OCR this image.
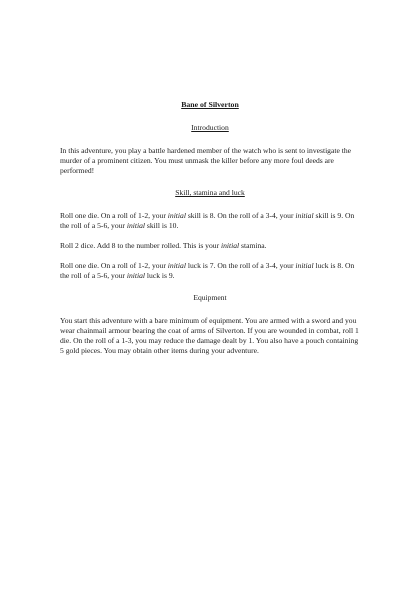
Bane of Silverton
Introduction
In this adventure, you play a battle hardened member of the watch who is sent to investigate the murder of a prominent citizen. You must unmask the killer before any more foul deeds are performed!
Skill, stamina and luck
Roll one die. On a roll of 1-2, your initial skill is 8. On the roll of a 3-4, your initial skill is 9. On the roll of a 5-6, your initial skill is 10.
Roll 2 dice. Add 8 to the number rolled. This is your initial stamina.
Roll one die. On a roll of 1-2, your initial luck is 7. On the roll of a 3-4, your initial luck is 8. On the roll of a 5-6, your initial luck is 9.
Equipment
You start this adventure with a bare minimum of equipment. You are armed with a sword and you wear chainmail armour bearing the coat of arms of Silverton. If you are wounded in combat, roll 1 die. On the roll of a 1-3, you may reduce the damage dealt by 1. You also have a pouch containing 5 gold pieces. You may obtain other items during your adventure.
